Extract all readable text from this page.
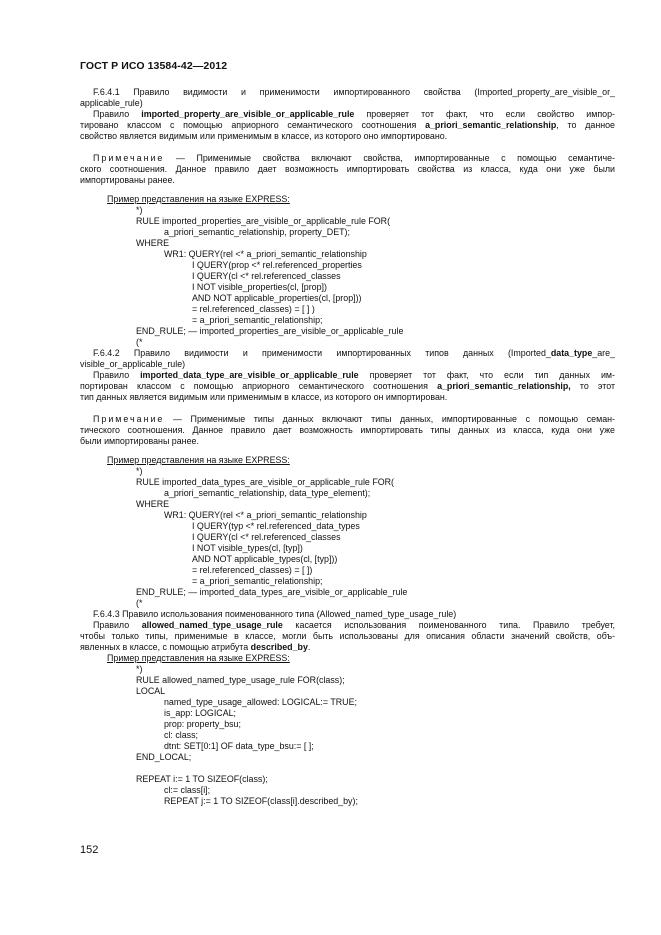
ГОСТ Р ИСО 13584-42—2012
F.6.4.1 Правило видимости и применимости импортированного свойства (Imported_property_are_visible_or_
applicable_rule)
Правило imported_property_are_visible_or_applicable_rule проверяет тот факт, что если свойство импор-
тировано классом с помощью априорного семантического соотношения a_priori_semantic_relationship, то данное
свойство является видимым или применимым в классе, из которого оно импортировано.
Примечание — Применимые свойства включают свойства, импортированные с помощью семантиче-
ского соотношения. Данное правило дает возможность импортировать свойства из класса, куда они уже были
импортированы ранее.
Пример представления на языке EXPRESS:
*)
RULE imported_properties_are_visible_or_applicable_rule FOR(
a_priori_semantic_relationship, property_DET);
WHERE
WR1: QUERY(rel <* a_priori_semantic_relationship
I QUERY(prop <* rel.referenced_properties
I QUERY(cl <* rel.referenced_classes
I NOT visible_properties(cl, [prop])
AND NOT applicable_properties(cl, [prop]))
= rel.referenced_classes) = [ ] )
= a_priori_semantic_relationship;
END_RULE; — imported_properties_are_visible_or_applicable_rule
(*
F.6.4.2 Правило видимости и применимости импортированных типов данных (Imported_data_type_are_
visible_or_applicable_rule)
Правило imported_data_type_are_visible_or_applicable_rule проверяет тот факт, что если тип данных им-
портирован классом с помощью априорного семантического соотношения a_priori_semantic_relationship, то этот
тип данных является видимым или применимым в классе, из которого он импортирован.
Примечание — Применимые типы данных включают типы данных, импортированные с помощью семан-
тического соотношения. Данное правило дает возможность импортировать типы данных из класса, куда они уже
были импортированы ранее.
Пример представления на языке EXPRESS:
*)
RULE imported_data_types_are_visible_or_applicable_rule FOR(
a_priori_semantic_relationship, data_type_element);
WHERE
WR1: QUERY(rel <* a_priori_semantic_relationship
I QUERY(typ <* rel.referenced_data_types
I QUERY(cl <* rel.referenced_classes
I NOT visible_types(cl, [typ])
AND NOT applicable_types(cl, [typ]))
= rel.referenced_classes) = [ ])
= a_priori_semantic_relationship;
END_RULE; — imported_data_types_are_visible_or_applicable_rule
(*
F.6.4.3 Правило использования поименованного типа (Allowed_named_type_usage_rule)
Правило allowed_named_type_usage_rule касается использования поименованного типа. Правило требует,
чтобы только типы, применимые в классе, могли быть использованы для описания области значений свойств, объ-
явленных в классе, с помощью атрибута described_by.
Пример представления на языке EXPRESS:
*)
RULE allowed_named_type_usage_rule FOR(class);
LOCAL
named_type_usage_allowed: LOGICAL:= TRUE;
is_app: LOGICAL;
prop: property_bsu;
cl: class;
dtnt: SET[0:1] OF data_type_bsu:= [ ];
END_LOCAL;
REPEAT i:= 1 TO SIZEOF(class);
cl:= class[i];
REPEAT j:= 1 TO SIZEOF(class[i].described_by);
152
